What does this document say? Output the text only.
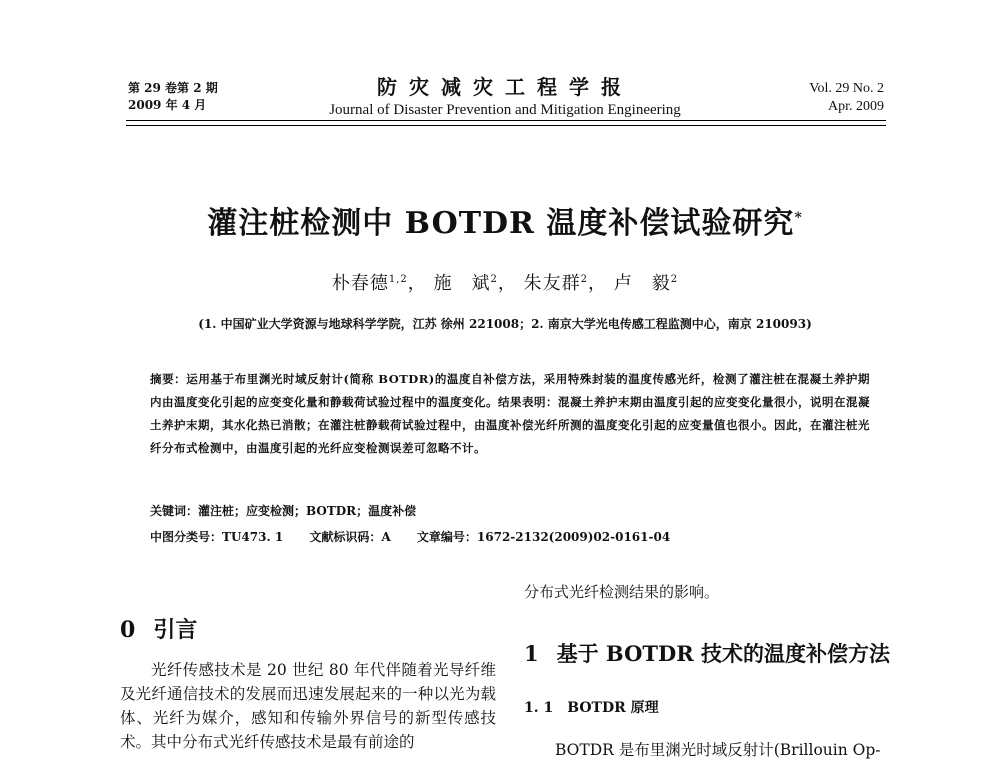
第 29 卷第 2 期
2009 年 4 月
防灾减灾工程学报
Journal of Disaster Prevention and Mitigation Engineering
Vol. 29 No. 2
Apr. 2009
灌注桩检测中 BOTDR 温度补偿试验研究*
朴春德$^{1,2}$， 施　斌$^2$， 朱友群$^2$， 卢　毅$^2$
(1. 中国矿业大学资源与地球科学学院，江苏 徐州 221008；2. 南京大学光电传感工程监测中心，南京 210093)
摘要：运用基于布里渊光时域反射计(简称 BOTDR)的温度自补偿方法，采用特殊封装的温度传感光纤，检测了灌注桩在混凝土养护期内由温度变化引起的应变变化量和静载荷试验过程中的温度变化。结果表明：混凝土养护末期由温度引起的应变变化量很小，说明在混凝土养护末期，其水化热已消散；在灌注桩静载荷试验过程中，由温度补偿光纤所测的温度变化引起的应变量值也很小。因此，在灌注桩光纤分布式检测中，由温度引起的光纤应变检测误差可忽略不计。
关键词：灌注桩；应变检测；BOTDR；温度补偿
中图分类号：TU473. 1 文献标识码：A 文章编号：1672-2132(2009)02-0161-04
分布式光纤检测结果的影响。
0 引言

光纤传感技术是 20 世纪 80 年代伴随着光导纤维及光纤通信技术的发展而迅速发展起来的一种以光为载体、光纤为媒介，感知和传输外界信号的新型传感技术。其中分布式光纤传感技术是最有前途的

1 基于 BOTDR 技术的温度补偿方法
1. 1 BOTDR 原理

BOTDR 是布里渊光时域反射计(Brillouin Op-
